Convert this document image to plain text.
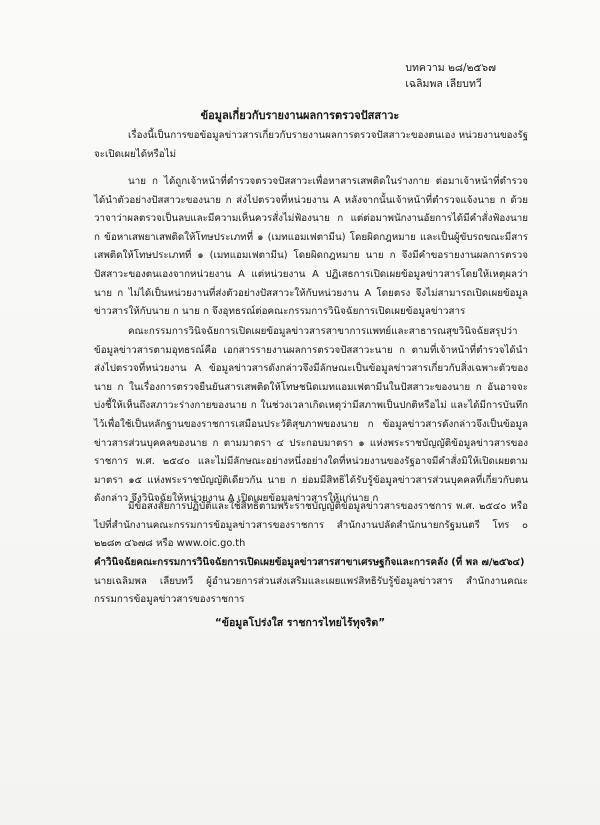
บทความ ๒๘/๒๕๖๗
เฉลิมพล เลียบทวี
ข้อมูลเกี่ยวกับรายงานผลการตรวจปัสสาวะ

เรื่องนี้เป็นการขอข้อมูลข่าวสารเกี่ยวกับรายงานผลการตรวจปัสสาวะของตนเอง หน่วยงานของรัฐจะเปิดเผยได้หรือไม่

นาย ก ได้ถูกเจ้าหน้าที่ตำรวจตรวจปัสสาวะเพื่อหาสารเสพติดในร่างกาย ต่อมาเจ้าหน้าที่ตำรวจได้นำตัวอย่างปัสสาวะของนาย ก ส่งไปตรวจที่หน่วยงาน A หลังจากนั้นเจ้าหน้าที่ตำรวจแจ้งนาย ก ด้วยวาจาว่าผลตรวจเป็นลบและมีความเห็นควรสั่งไม่ฟ้องนาย ก แต่ต่อมาพนักงานอัยการได้มีคำสั่งฟ้องนาย ก ข้อหาเสพยาเสพติดให้โทษประเภทที่ ๑ (เมทแอมเฟตามีน) โดยผิดกฎหมาย และเป็นผู้ขับรถขณะมีสารเสพติดให้โทษประเภทที่ ๑ (เมทแอมเฟตามีน) โดยผิดกฎหมาย นาย ก จึงมีคำขอรายงานผลการตรวจปัสสาวะของตนเองจากหน่วยงาน A แต่หน่วยงาน A ปฏิเสธการเปิดเผยข้อมูลข่าวสารโดยให้เหตุผลว่านาย ก ไม่ได้เป็นหน่วยงานที่ส่งตัวอย่างปัสสาวะให้กับหน่วยงาน A โดยตรง จึงไม่สามารถเปิดเผยข้อมูลข่าวสารให้กับนาย ก นาย ก จึงอุทธรณ์ต่อคณะกรรมการวินิจฉัยการเปิดเผยข้อมูลข่าวสาร

คณะกรรมการวินิจฉัยการเปิดเผยข้อมูลข่าวสารสาขาการแพทย์และสาธารณสุขวินิจฉัยสรุปว่า ข้อมูลข่าวสารตามอุทธรณ์คือ เอกสารรายงานผลการตรวจปัสสาวะนาย ก ตามที่เจ้าหน้าที่ตำรวจได้นำส่งไปตรวจที่หน่วยงาน A ข้อมูลข่าวสารดังกล่าวจึงมีลักษณะเป็นข้อมูลข่าวสารเกี่ยวกับสิ่งเฉพาะตัวของนาย ก ในเรื่องการตรวจยืนยันสารเสพติดให้โทษชนิดเมทแอมเฟตามีนในปัสสาวะของนาย ก อันอาจจะบ่งชี้ให้เห็นถึงสภาวะร่างกายของนาย ก ในช่วงเวลาเกิดเหตุว่ามีสภาพเป็นปกติหรือไม่ และได้มีการบันทึกไว้เพื่อใช้เป็นหลักฐานของราชการเสมือนประวัติสุขภาพของนาย ก ข้อมูลข่าวสารดังกล่าวจึงเป็นข้อมูลข่าวสารส่วนบุคคลของนาย ก ตามมาตรา ๔ ประกอบมาตรา ๑ แห่งพระราชบัญญัติข้อมูลข่าวสารของราชการ พ.ศ. ๒๕๔๐ และไม่มีลักษณะอย่างหนึ่งอย่างใดที่หน่วยงานของรัฐอาจมีคำสั่งมิให้เปิดเผยตามมาตรา ๑๕ แห่งพระราชบัญญัติเดียวกัน นาย ก ย่อมมีสิทธิได้รับรู้ข้อมูลข่าวสารส่วนบุคคลที่เกี่ยวกับตนดังกล่าว จึงวินิจฉัยให้หน่วยงาน A เปิดเผยข้อมูลข่าวสารให้แก่นาย ก

มีข้อสงสัยการปฏิบัติและใช้สิทธิตามพระราชบัญญัติข้อมูลข่าวสารของราชการ พ.ศ. ๒๕๔๐ หรือไปที่สำนักงานคณะกรรมการข้อมูลข่าวสารของราชการ สำนักงานปลัดสำนักนายกรัฐมนตรี โทร ๐ ๒๒๘๓ ๔๖๗๘ หรือ www.oic.go.th

คำวินิจฉัยคณะกรรมการวินิจฉัยการเปิดเผยข้อมูลข่าวสารสาขาเศรษฐกิจและการคลัง (ที่ พล ๗/๒๕๖๔)

นายเฉลิมพล เลียบทวี ผู้อำนวยการส่วนส่งเสริมและเผยแพร่สิทธิรับรู้ข้อมูลข่าวสาร สำนักงานคณะกรรมการข้อมูลข่าวสารของราชการ

“ข้อมูลโปร่งใส ราชการไทยไร้ทุจริต”
